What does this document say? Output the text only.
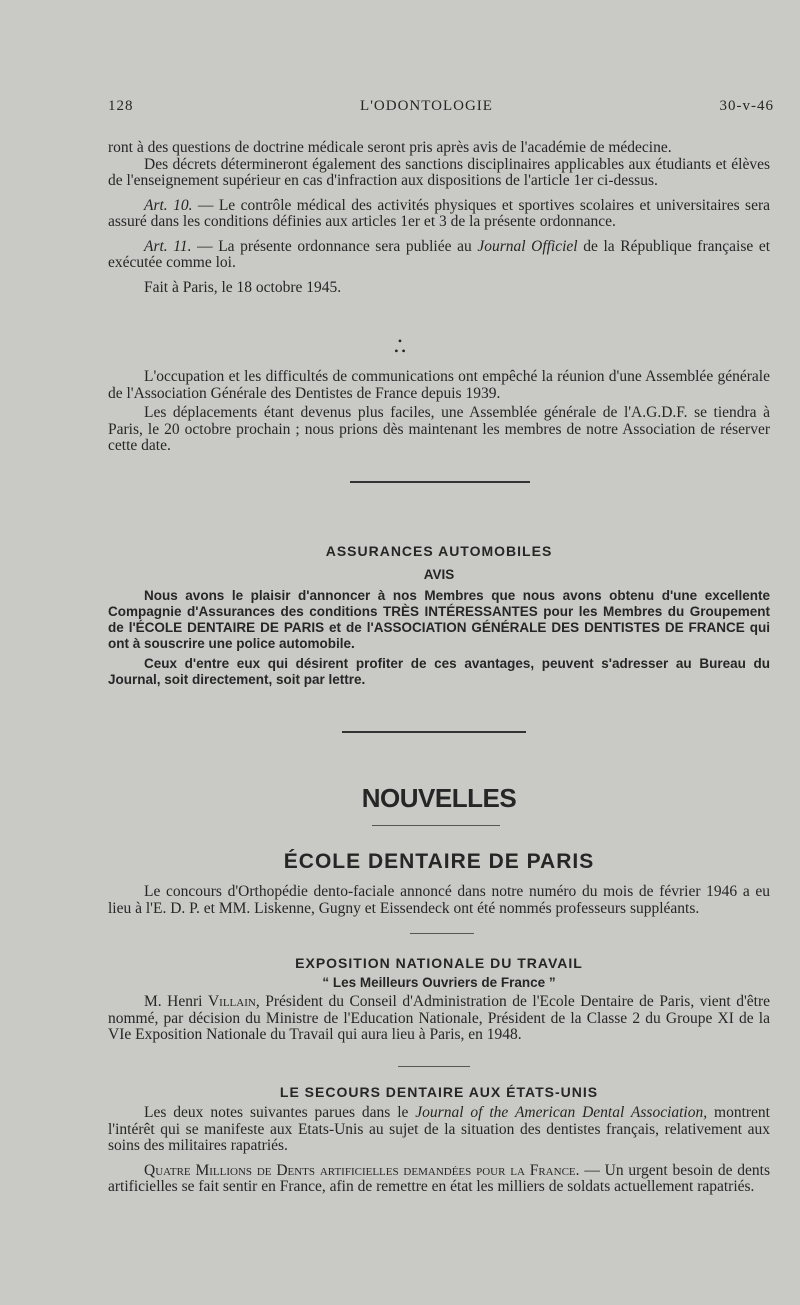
128	L'ODONTOLOGIE	30-v-46

ront à des questions de doctrine médicale seront pris après avis de l'académie de médecine.

Des décrets détermineront également des sanctions disciplinaires applicables aux étudiants et élèves de l'enseignement supérieur en cas d'infraction aux dispositions de l'article 1er ci-dessus.

Art. 10. — Le contrôle médical des activités physiques et sportives scolaires et universitaires sera assuré dans les conditions définies aux articles 1er et 3 de la présente ordonnance.

Art. 11. — La présente ordonnance sera publiée au Journal Officiel de la République française et exécutée comme loi.

Fait à Paris, le 18 octobre 1945.

•
• •

L'occupation et les difficultés de communications ont empêché la réunion d'une Assemblée générale de l'Association Générale des Dentistes de France depuis 1939.

Les déplacements étant devenus plus faciles, une Assemblée générale de l'A.G.D.F. se tiendra à Paris, le 20 octobre prochain ; nous prions dès maintenant les membres de notre Association de réserver cette date.

ASSURANCES AUTOMOBILES
AVIS

Nous avons le plaisir d'annoncer à nos Membres que nous avons obtenu d'une excellente Compagnie d'Assurances des conditions TRÈS INTÉRESSANTES pour les Membres du Groupement de l'ÉCOLE DENTAIRE DE PARIS et de l'ASSOCIATION GÉNÉRALE DES DENTISTES DE FRANCE qui ont à souscrire une police automobile.

Ceux d'entre eux qui désirent profiter de ces avantages, peuvent s'adresser au Bureau du Journal, soit directement, soit par lettre.

NOUVELLES
ÉCOLE DENTAIRE DE PARIS

Le concours d'Orthopédie dento-faciale annoncé dans notre numéro du mois de février 1946 a eu lieu à l'E. D. P. et MM. Liskenne, Gugny et Eissendeck ont été nommés professeurs suppléants.

EXPOSITION NATIONALE DU TRAVAIL
“ Les Meilleurs Ouvriers de France ”

M. Henri Villain, Président du Conseil d'Administration de l'Ecole Dentaire de Paris, vient d'être nommé, par décision du Ministre de l'Education Nationale, Président de la Classe 2 du Groupe XI de la VIe Exposition Nationale du Travail qui aura lieu à Paris, en 1948.

LE SECOURS DENTAIRE AUX ÉTATS-UNIS

Les deux notes suivantes parues dans le Journal of the American Dental Association, montrent l'intérêt qui se manifeste aux Etats-Unis au sujet de la situation des dentistes français, relativement aux soins des militaires rapatriés.

Quatre Millions de Dents artificielles demandées pour la France. — Un urgent besoin de dents artificielles se fait sentir en France, afin de remettre en état les milliers de soldats actuellement rapatriés.
